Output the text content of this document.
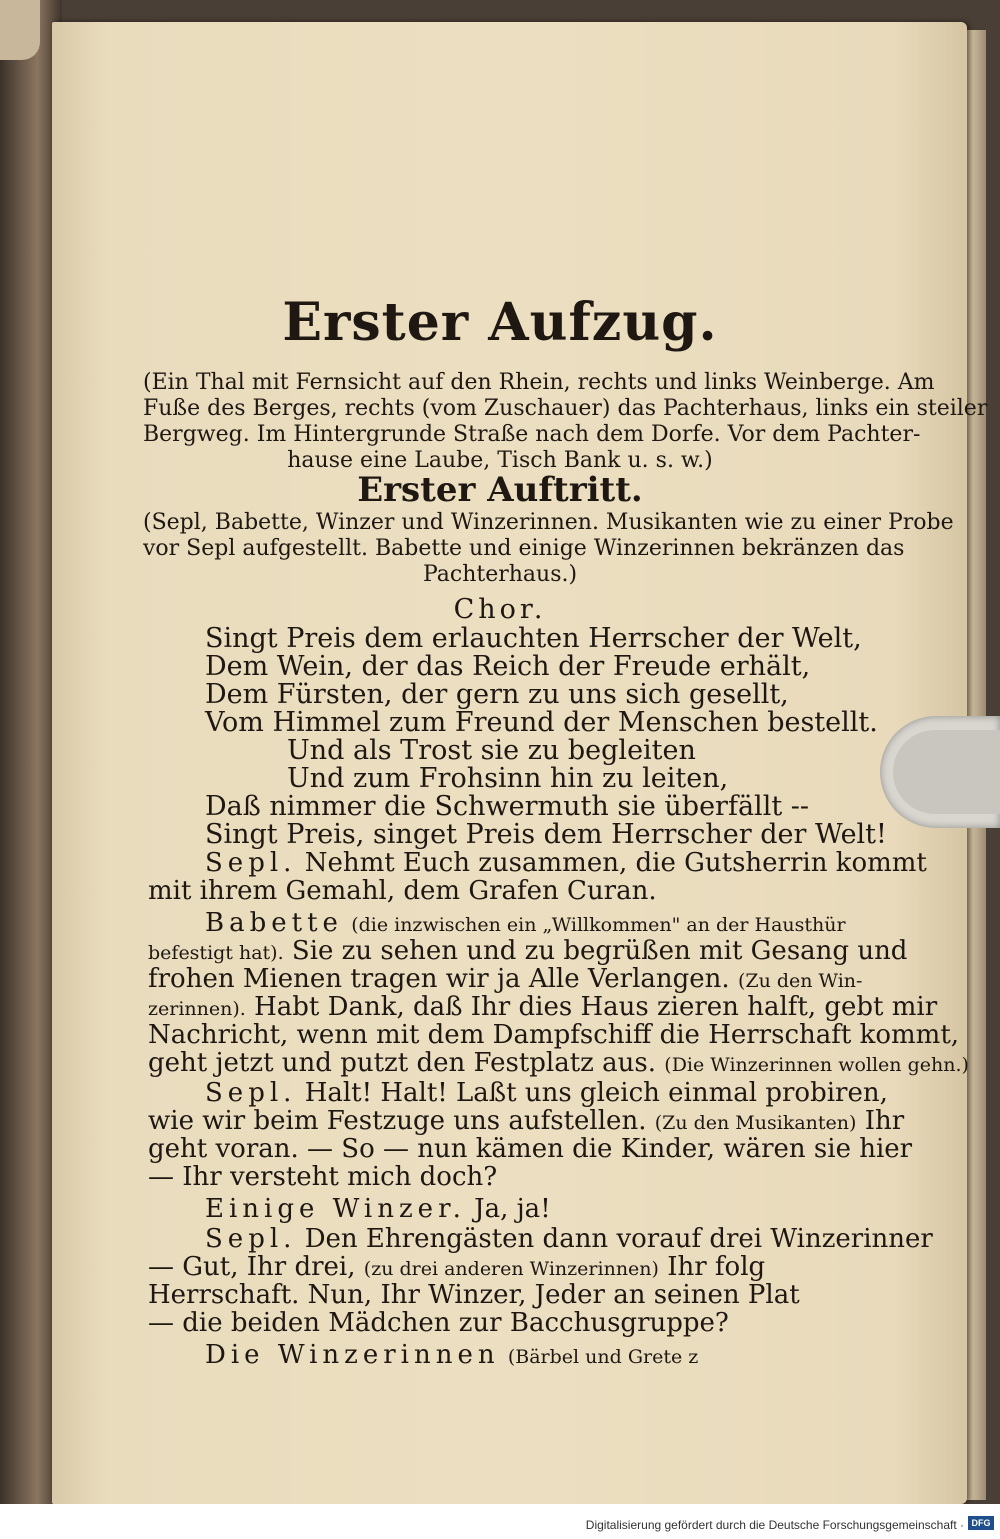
Erster Aufzug.
(Ein Thal mit Fernsicht auf den Rhein, rechts und links Weinberge. Am
Fuße des Berges, rechts (vom Zuschauer) das Pachterhaus, links ein steiler
Bergweg. Im Hintergrunde Straße nach dem Dorfe. Vor dem Pachter-
hause eine Laube, Tisch Bank u. s. w.)
Erster Auftritt.
(Sepl, Babette, Winzer und Winzerinnen. Musikanten wie zu einer Probe
vor Sepl aufgestellt. Babette und einige Winzerinnen bekränzen das
Pachterhaus.)
Chor.
Singt Preis dem erlauchten Herrscher der Welt,
Dem Wein, der das Reich der Freude erhält,
Dem Fürsten, der gern zu uns sich gesellt,
Vom Himmel zum Freund der Menschen bestellt.
Und als Trost sie zu begleiten
Und zum Frohsinn hin zu leiten,
Daß nimmer die Schwermuth sie überfällt --
Singt Preis, singet Preis dem Herrscher der Welt!
Sepl. Nehmt Euch zusammen, die Gutsherrin kommt
mit ihrem Gemahl, dem Grafen Curan.
Babette (die inzwischen ein „Willkommen" an der Hausthür
befestigt hat). Sie zu sehen und zu begrüßen mit Gesang und
frohen Mienen tragen wir ja Alle Verlangen. (Zu den Win-
zerinnen). Habt Dank, daß Ihr dies Haus zieren halft, gebt mir
Nachricht, wenn mit dem Dampfschiff die Herrschaft kommt,
geht jetzt und putzt den Festplatz aus. (Die Winzerinnen wollen gehn.)
Sepl. Halt! Halt! Laßt uns gleich einmal probiren,
wie wir beim Festzuge uns aufstellen. (Zu den Musikanten) Ihr
geht voran. — So — nun kämen die Kinder, wären sie hier
— Ihr versteht mich doch?
Einige Winzer. Ja, ja!
Sepl. Den Ehrengästen dann vorauf drei Winzerinner
— Gut, Ihr drei, (zu drei anderen Winzerinnen) Ihr folg
Herrschaft. Nun, Ihr Winzer, Jeder an seinen Plat
— die beiden Mädchen zur Bacchusgruppe?
Die Winzerinnen (Bärbel und Grete z
Digitalisierung gefördert durch die Deutsche Forschungsgemeinschaft · DFG
